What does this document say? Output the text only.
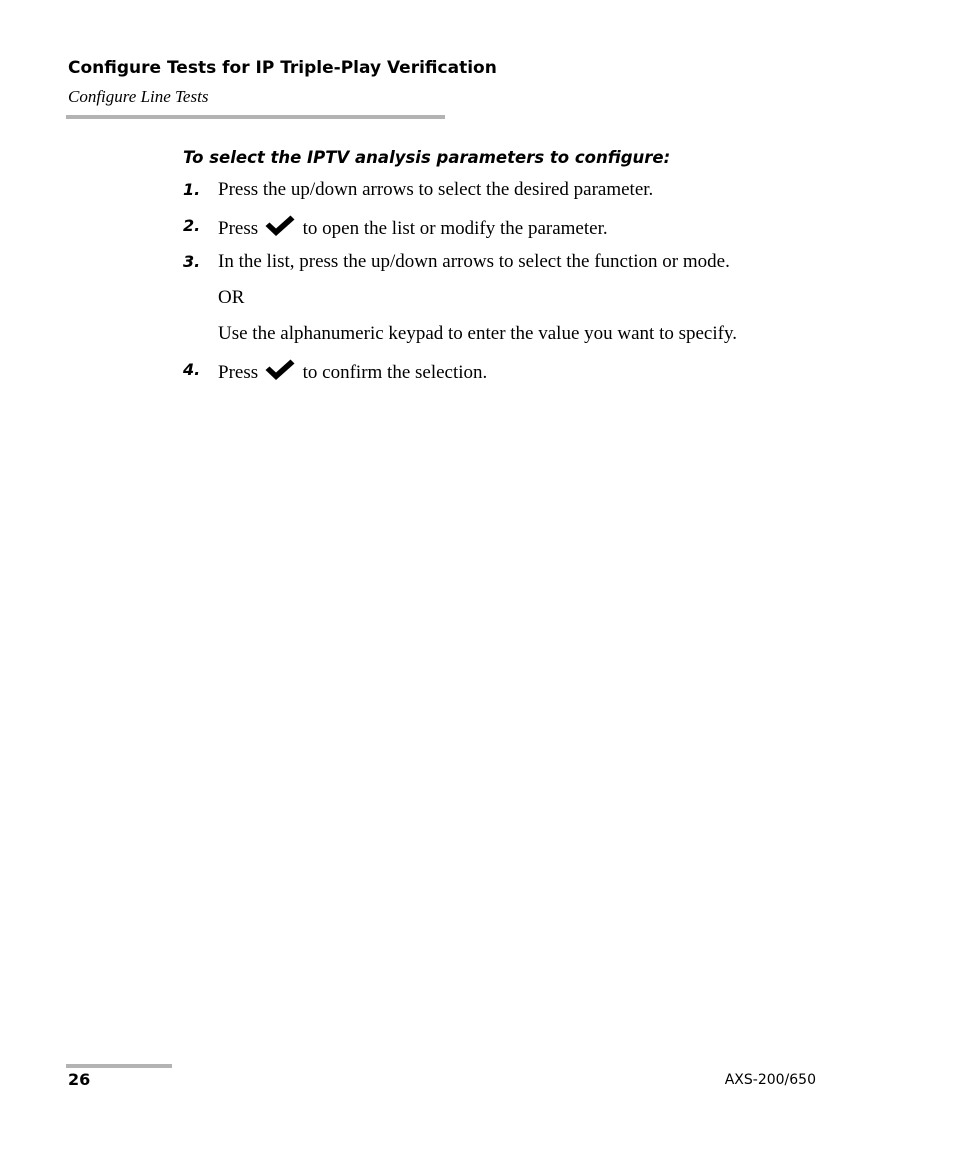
Configure Tests for IP Triple-Play Verification
Configure Line Tests
To select the IPTV analysis parameters to configure:
1. Press the up/down arrows to select the desired parameter.
2. Press to open the list or modify the parameter.
3. In the list, press the up/down arrows to select the function or mode.
OR
Use the alphanumeric keypad to enter the value you want to specify.
4. Press to confirm the selection.
26	AXS-200/650
